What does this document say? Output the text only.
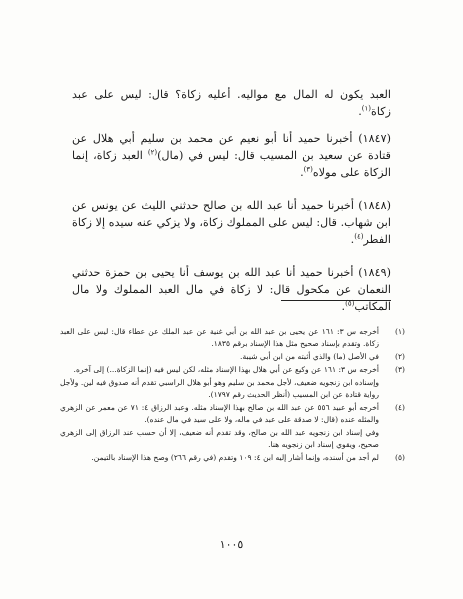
العبد يكون له المال مع مواليه. أعليه زكاة؟ قال: ليس على عبد زكاة$^{(١)}$.

(١٨٤٧) أخبرنا حميد أنا أبو نعيم عن محمد بن سليم أبي هلال عن قتادة عن سعيد بن المسيب قال: ليس في (مال)$^{(٢)}$ العبد زكاة، إنما الزكاة على مولاه$^{(٣)}$.

(١٨٤٨) أخبرنا حميد أنا عبد الله بن صالح حدثني الليث عن يونس عن ابن شهاب. قال: ليس على المملوك زكاة، ولا يزكي عنه سيده إلا زكاة الفطر$^{(٤)}$.

(١٨٤٩) أخبرنا حميد أنا عبد الله بن يوسف أنا يحيى بن حمزة حدثني النعمان عن مكحول قال: لا زكاة في مال العبد المملوك ولا مال المكاتب$^{(٥)}$.

(١)
أخرجه س ٣: ١٦١ عن يحيى بن عبد الله بن أبي غنية عن عبد الملك عن عطاء قال: ليس على العبد زكاة. وتقدم بإسناد صحيح مثل هذا الإسناد برقم ١٨٣٥.
(٢)
في الأصل (ما) والذي أثبته من ابن أبي شيبة.
(٣)
أخرجه س ٣: ١٦١ عن وكيع عن أبي هلال بهذا الإسناد مثله، لكن ليس فيه (إنما الزكاة...) إلى آخره.
وإسناده ابن زنجويه ضعيف، لأجل محمد بن سليم وهو أبو هلال الراسبي تقدم أنه صدوق فيه لين. ولأجل رواية قتادة عن ابن المسيب (أنظر الحديث رقم ١٧٩٧).
(٤)
أخرجه أبو عبيد ٥٥٦ عن عبد الله بن صالح بهذا الإسناد مثله. وعبد الرزاق ٤: ٧١ عن معمر عن الزهري والمثله عنده (قال: لا صدقة على عبد في ماله، ولا على سيد في مال عنده).
وفي إسناد ابن زنجويه عبد الله بن صالح، وقد تقدم أنه ضعيف، إلا أن حسب عند الرزاق إلى الزهري صحيح، ويقوي إسناد ابن زنجويه هنا.
(٥)
لم أجد من أسنده، وإنما أشار إليه ابن ٤: ١٠٩ وتقدم (في رقم ٢٦٦) وصح هذا الإسناد بالتيمن.
١٠٠٥
